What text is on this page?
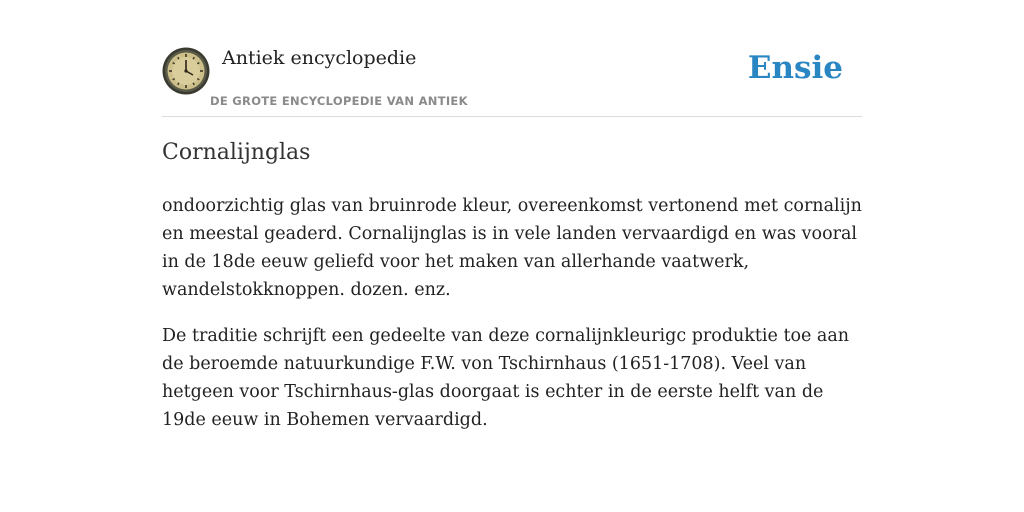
Antiek encyclopedie
DE GROTE ENCYCLOPEDIE VAN ANTIEK
Ensie
Cornalijnglas

ondoorzichtig glas van bruinrode kleur, overeenkomst vertonend met cornalijn en meestal geaderd. Cornalijnglas is in vele landen vervaardigd en was vooral in de 18de eeuw geliefd voor het maken van allerhande vaatwerk, wandelstokknoppen. dozen. enz.

De traditie schrijft een gedeelte van deze cornalijnkleurigc produktie toe aan de beroemde natuurkundige F.W. von Tschirnhaus (1651-1708). Veel van hetgeen voor Tschirnhaus-glas doorgaat is echter in de eerste helft van de 19de eeuw in Bohemen vervaardigd.
